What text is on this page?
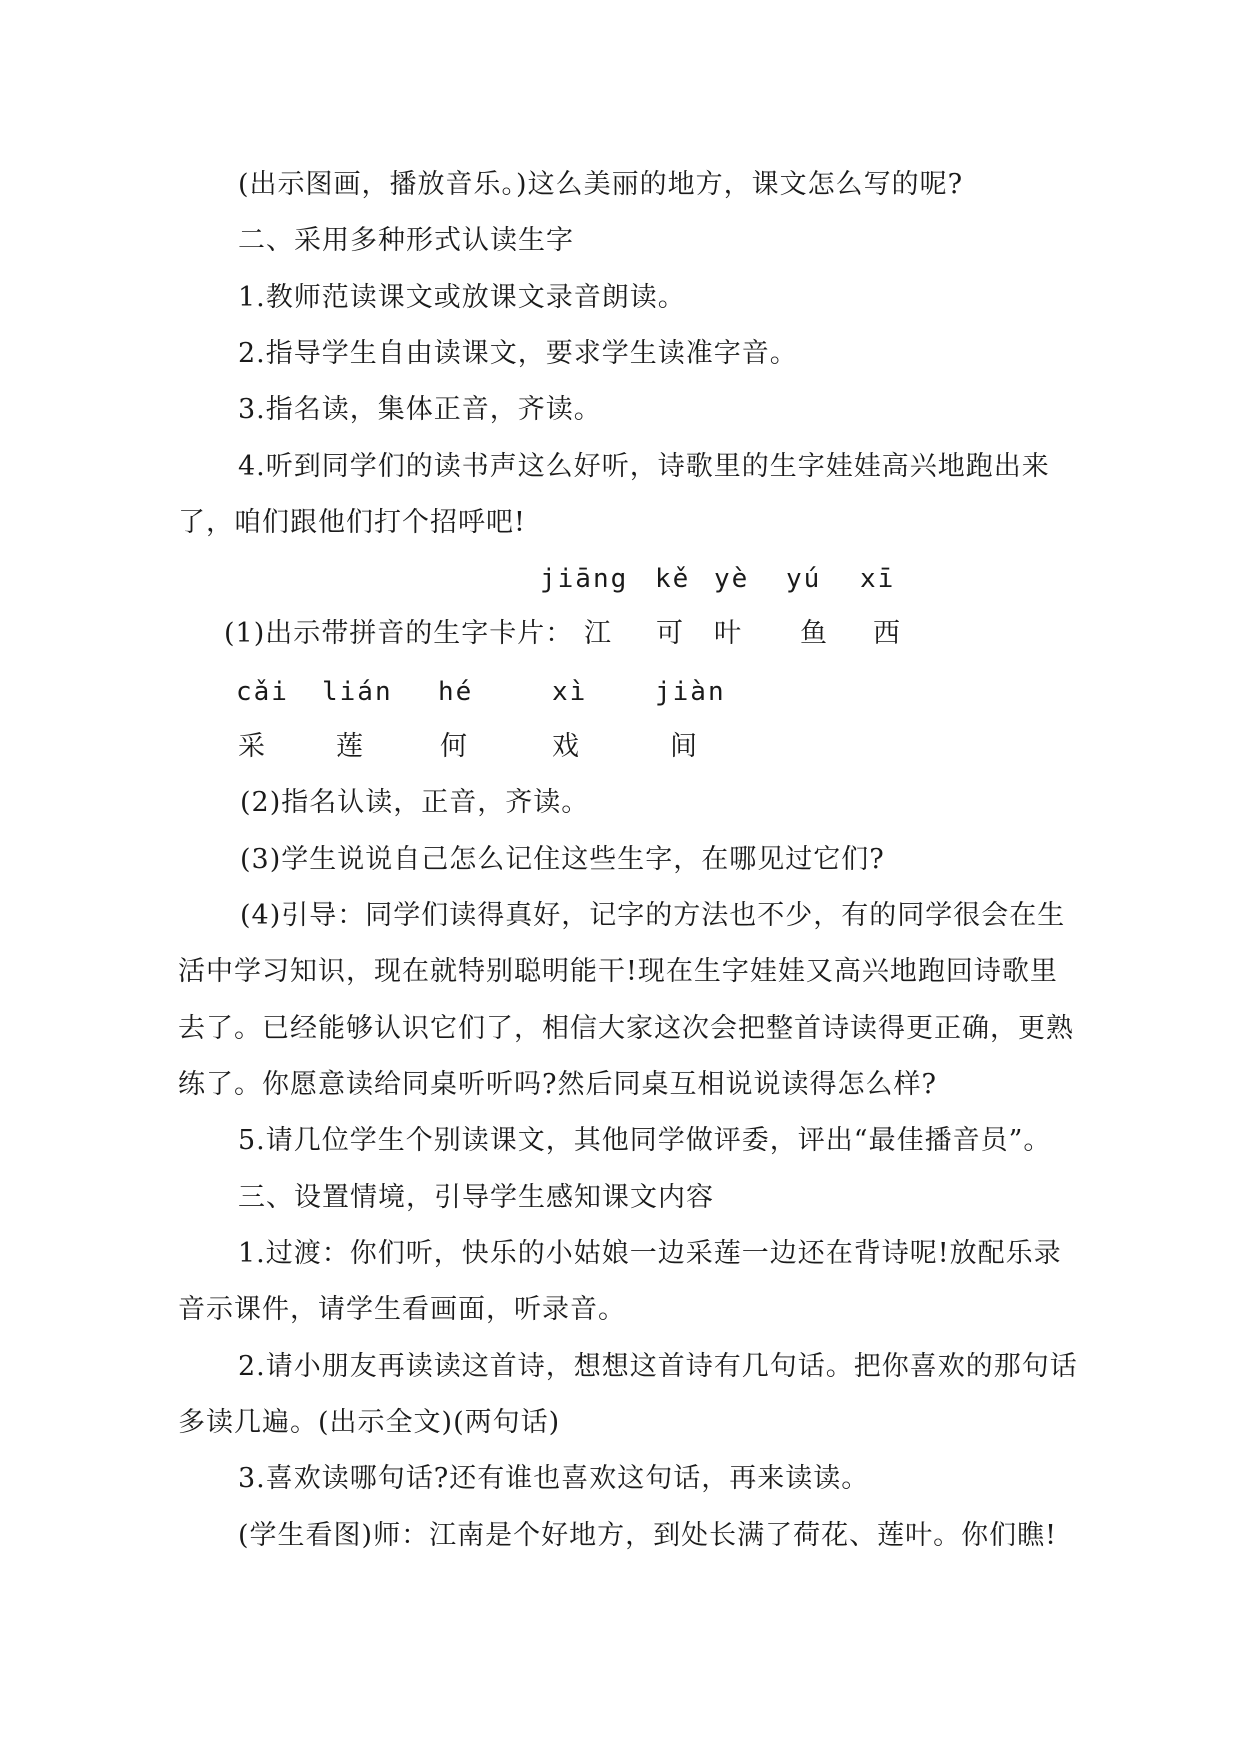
(出示图画，播放音乐。)这么美丽的地方，课文怎么写的呢?
二、采用多种形式认读生字
1.教师范读课文或放课文录音朗读。
2.指导学生自由读课文，要求学生读准字音。
3.指名读，集体正音，齐读。
4.听到同学们的读书声这么好听，诗歌里的生字娃娃高兴地跑出来
了，咱们跟他们打个招呼吧!
jiāng kě yè yú xī
(1)出示带拼音的生字卡片： 江 可 叶 鱼 西
cǎi lián hé	xì	jiàn
采	莲	何	戏	间
(2)指名认读，正音，齐读。
(3)学生说说自己怎么记住这些生字，在哪见过它们?
(4)引导：同学们读得真好，记字的方法也不少，有的同学很会在生
活中学习知识，现在就特别聪明能干!现在生字娃娃又高兴地跑回诗歌里
去了。已经能够认识它们了，相信大家这次会把整首诗读得更正确，更熟
练了。你愿意读给同桌听听吗?然后同桌互相说说读得怎么样?
5.请几位学生个别读课文，其他同学做评委，评出“最佳播音员”。
三、设置情境，引导学生感知课文内容
1.过渡：你们听，快乐的小姑娘一边采莲一边还在背诗呢!放配乐录
音示课件，请学生看画面，听录音。
2.请小朋友再读读这首诗，想想这首诗有几句话。把你喜欢的那句话
多读几遍。(出示全文)(两句话)
3.喜欢读哪句话?还有谁也喜欢这句话，再来读读。
(学生看图)师：江南是个好地方，到处长满了荷花、莲叶。你们瞧!
